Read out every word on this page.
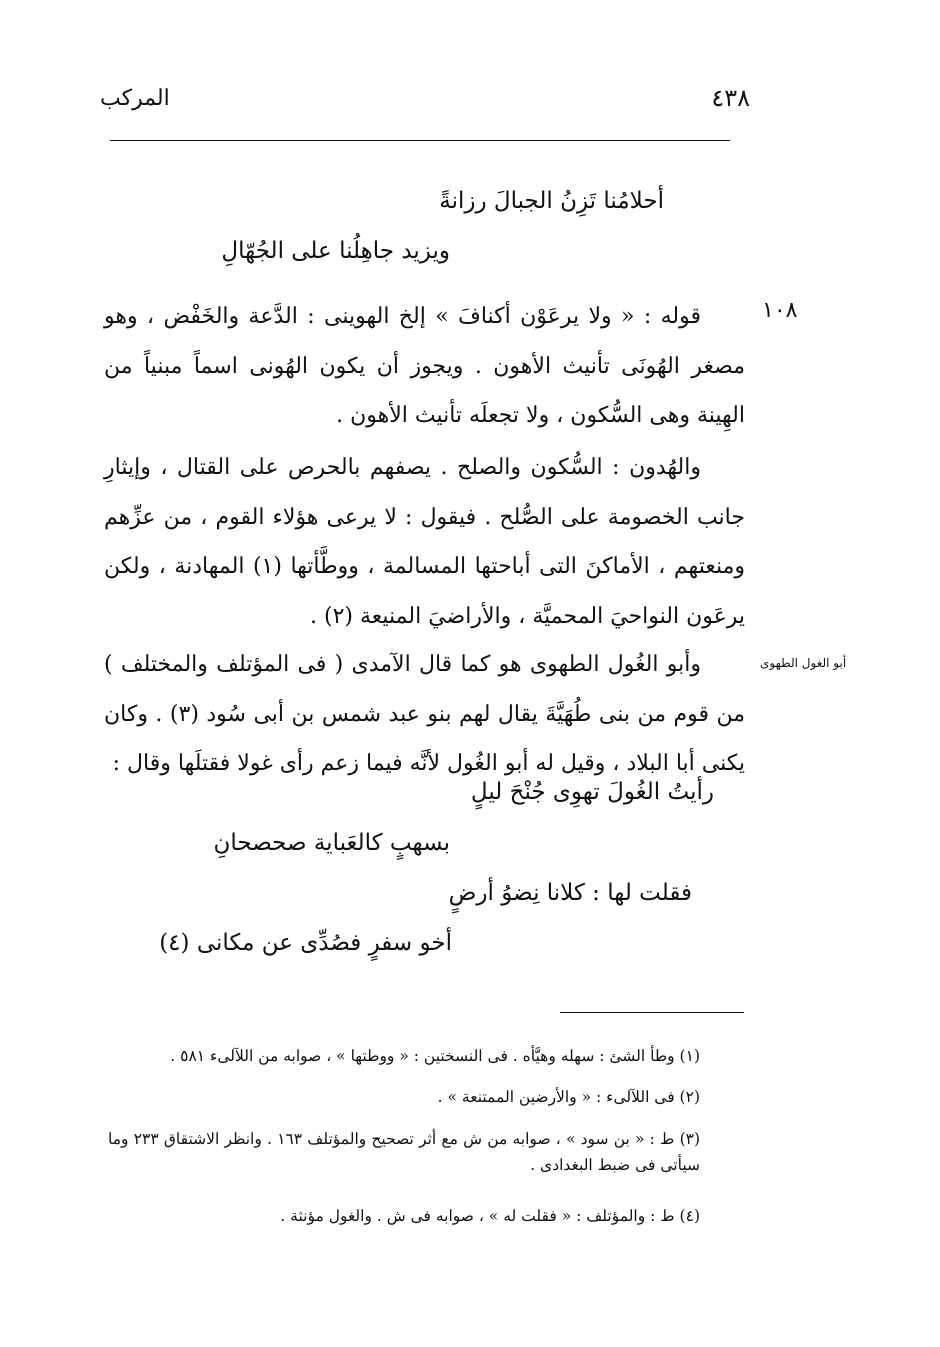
٤٣٨
المركب
أحلامُنا تَزِنُ الجبالَ رزانةً
ويزيد جاهِلُنا على الجُهّالِ
١٠٨

قوله : « ولا يرعَوْن أكنافَ » إلخ الهوينى : الدَّعة والخَفْض ، وهو مصغر الهُونَى تأنيث الأهون . ويجوز أن يكون الهُونى اسماً مبنياً من الهِينة وهى السُّكون ، ولا تجعلَه تأنيث الأهون .

والهُدون : السُّكون والصلح . يصفهم بالحرص على القتال ، وإيثارِ جانب الخصومة على الصُّلح . فيقول : لا يرعى هؤلاء القوم ، من عزِّهم ومنعتهم ، الأماكنَ التى أباحتها المسالمة ، ووطَّأتها (١) المهادنة ، ولكن يرعَون النواحيَ المحميَّة ، والأراضيَ المنيعة (٢) .

أبو الغول الطهوى

وأبو الغُول الطهوى هو كما قال الآمدى ( فى المؤتلف والمختلف ) من قوم من بنى طُهَيَّةَ يقال لهم بنو عبد شمس بن أبى سُود (٣) . وكان يكنى أبا البلاد ، وقيل له أبو الغُول لأنَّه فيما زعم رأى غولا فقتلَها وقال :

رأيتُ الغُولَ تهوِى جُنْحَ ليلٍ
بسهبٍ كالعَباية صحصحانِ
فقلت لها : كلانا نِضوُ أرضٍ
أخو سفرٍ فصُدِّى عن مكانى (٤)

(١) وطأ الشئ : سهله وهيَّأه . فى النسختين : « ووطتها » ، صوابه من اللآلىء ٥٨١ .

(٢) فى اللآلىء : « والأرضين الممتنعة » .

(٣) ط : « بن سود » ، صوابه من ش مع أثر تصحيح والمؤتلف ١٦٣ . وانظر الاشتقاق ٢٣٣ وما سيأتى فى ضبط البغدادى .

(٤) ط : والمؤتلف : « فقلت له » ، صوابه فى ش . والغول مؤنثة .
